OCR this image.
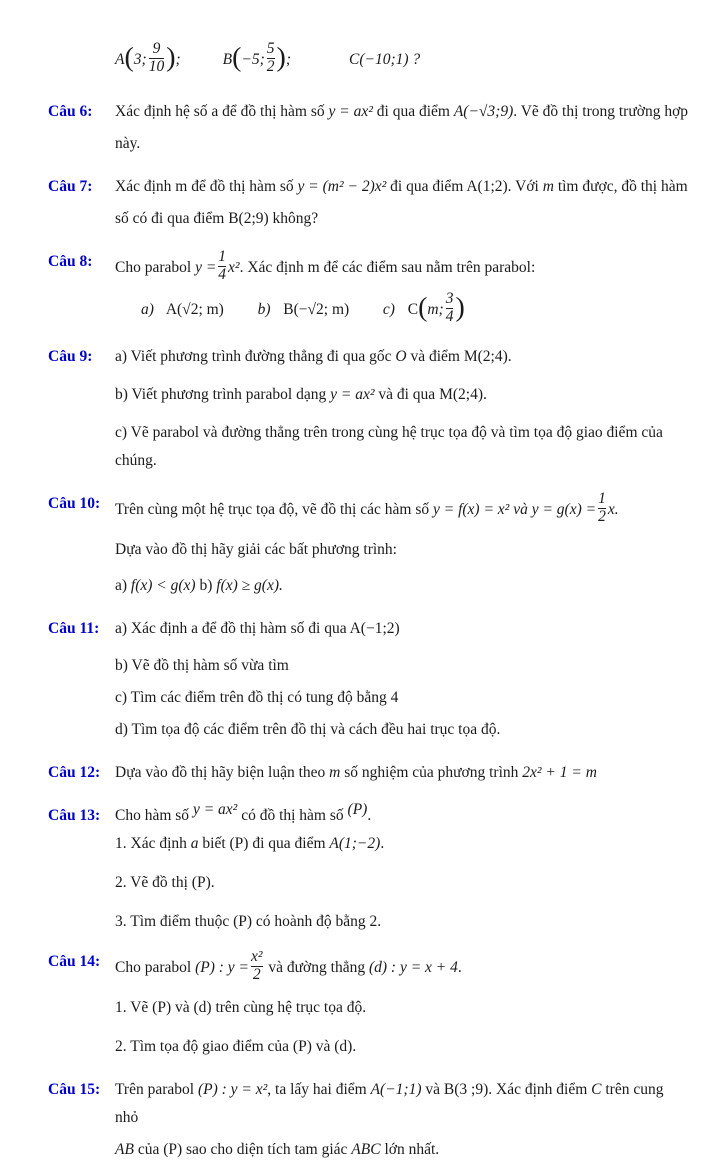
A(3; $\frac{9}{10}$ );	B(−5; $\frac{5}{2}$ );	C(−10;1) ?
Câu 6:	Xác định hệ số a để đồ thị hàm số y = ax² đi qua điểm A(−√3;9). Vẽ đồ thị trong trường hợp
này.
Câu 7:	Xác định m để đồ thị hàm số y = (m² − 2)x² đi qua điểm A(1;2). Với m tìm được, đồ thị hàm
số có đi qua điểm B(2;9) không?
Câu 8:	Cho parabol $y = \frac{1}{4} x^2$. Xác định m để các điểm sau nằm trên parabol:
a) A(√2; m) b) B(−√2; m) c) C(m; $\frac{3}{4}$ )
Câu 9:	a) Viết phương trình đường thẳng đi qua gốc O và điểm M(2;4).
b) Viết phương trình parabol dạng y = ax² và đi qua M(2;4).
c) Vẽ parabol và đường thẳng trên trong cùng hệ trục tọa độ và tìm tọa độ giao điểm của chúng.
Câu 10: Trên cùng một hệ trục tọa độ, vẽ đồ thị các hàm số y = f(x) = x² và $y = g(x) = \frac{1}{2} x$.
Dựa vào đồ thị hãy giải các bất phương trình:
a) f(x) < g(x) b) f(x) ≥ g(x).
Câu 11:	a) Xác định a để đồ thị hàm số đi qua A(−1;2)
b) Vẽ đồ thị hàm số vừa tìm
c) Tìm các điểm trên đồ thị có tung độ bằng 4
d) Tìm tọa độ các điểm trên đồ thị và cách đều hai trục tọa độ.
Câu 12: Dựa vào đồ thị hãy biện luận theo m số nghiệm của phương trình 2x² + 1 = m
Câu 13: Cho hàm số y = ax² có đồ thị hàm số (P).
1. Xác định a biết (P) đi qua điểm A(1;−2).
2. Vẽ đồ thị (P).
3. Tìm điểm thuộc (P) có hoành độ bằng 2.
Câu 14: Cho parabol (P) : $y = \frac{\text{x²}}{2}$ và đường thẳng (d) : y = x + 4.
1. Vẽ (P) và (d) trên cùng hệ trục tọa độ.
2. Tìm tọa độ giao điểm của (P) và (d).
Câu 15: Trên parabol (P) : y = x², ta lấy hai điểm A(−1;1) và B(3 ;9). Xác định điểm C trên cung nhỏ
AB của (P) sao cho diện tích tam giác ABC lớn nhất.
